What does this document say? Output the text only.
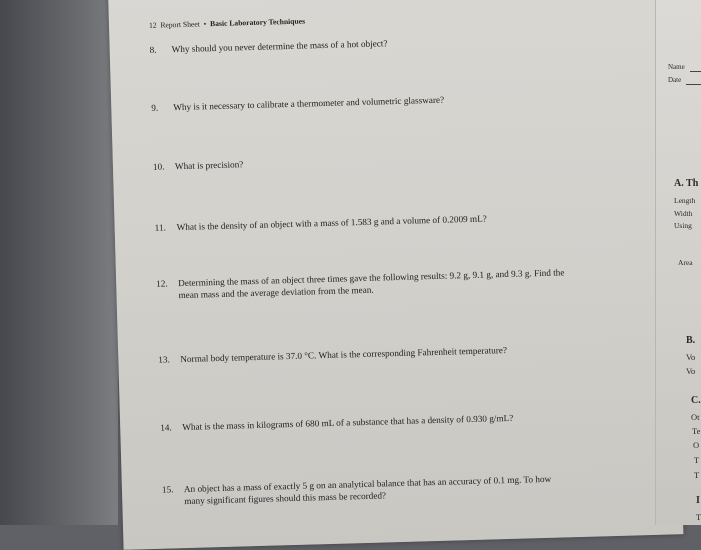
12 Report Sheet • Basic Laboratory Techniques
8. Why should you never determine the mass of a hot object?
9. Why is it necessary to calibrate a thermometer and volumetric glassware?
10. What is precision?
11. What is the density of an object with a mass of 1.583 g and a volume of 0.2009 mL?
12. Determining the mass of an object three times gave the following results: 9.2 g, 9.1 g, and 9.3 g. Find the
mean mass and the average deviation from the mean.
13. Normal body temperature is 37.0 °C. What is the corresponding Fahrenheit temperature?
14. What is the mass in kilograms of 680 mL of a substance that has a density of 0.930 g/mL?
15. An object has a mass of exactly 5 g on an analytical balance that has an accuracy of 0.1 mg. To how
many significant figures should this mass be recorded?
Name
Date
A. Th
Length
Width
Using
Area
B.
Vo
Vo
C.
Ot
Te
O
T
T
I
T
